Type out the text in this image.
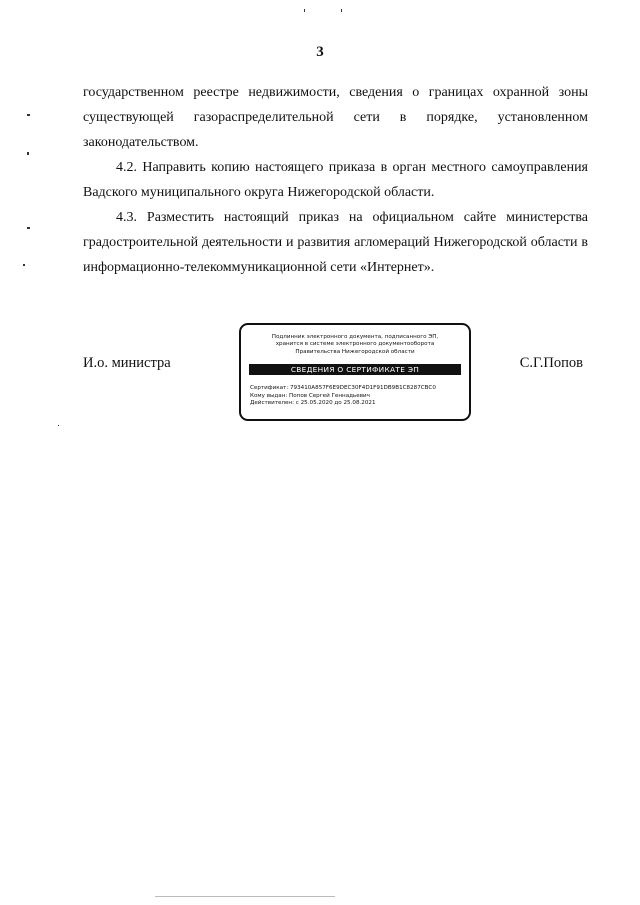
3

государственном реестре недвижимости, сведения о границах охранной зоны существующей газораспределительной сети в порядке, установленном законодательством.

4.2. Направить копию настоящего приказа в орган местного самоуправления Вадского муниципального округа Нижегородской области.

4.3. Разместить настоящий приказ на официальном сайте министерства градостроительной деятельности и развития агломераций Нижегородской области в информационно-телекоммуникационной сети «Интернет».

И.о. министра	С.Г.Попов
Подлинник электронного документа, подписанного ЭП,
хранится в системе электронного документооборота
Правительства Нижегородской области
СВЕДЕНИЯ О СЕРТИФИКАТЕ ЭП
Сертификат: 793410A857F6E9DEC30F4D1F91DB9B1C8287CBC0
Кому выдан: Попов Сергей Геннадьевич
Действителен: с 25.05.2020 до 25.08.2021
